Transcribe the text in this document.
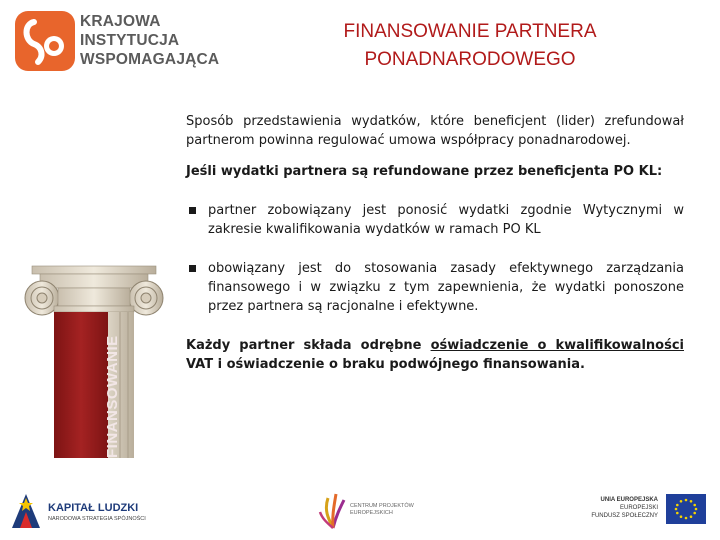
KRAJOWA
INSTYTUCJA
WSPOMAGAJĄCA
FINANSOWANIE PARTNERA
PONADNARODOWEGO
FINANSOWANIE

Sposób przedstawienia wydatków, które beneficjent (lider) zrefundował partnerom powinna regulować umowa współpracy ponadnarodowej.

Jeśli wydatki partnera są refundowane przez beneficjenta PO KL:

partner zobowiązany jest ponosić wydatki zgodnie Wytycznymi w zakresie kwalifikowania wydatków w ramach PO KL
obowiązany jest do stosowania zasady efektywnego zarządzania finansowego i w związku z tym zapewnienia, że wydatki ponoszone przez partnera są racjonalne i efektywne.

Każdy partner składa odrębne oświadczenie o kwalifikowalności VAT i oświadczenie o braku podwójnego finansowania.

KAPITAŁ LUDZKI
NARODOWA STRATEGIA SPÓJNOŚCI
CENTRUM PROJEKTÓW
EUROPEJSKICH
UNIA EUROPEJSKA
EUROPEJSKI
FUNDUSZ SPOŁECZNY
